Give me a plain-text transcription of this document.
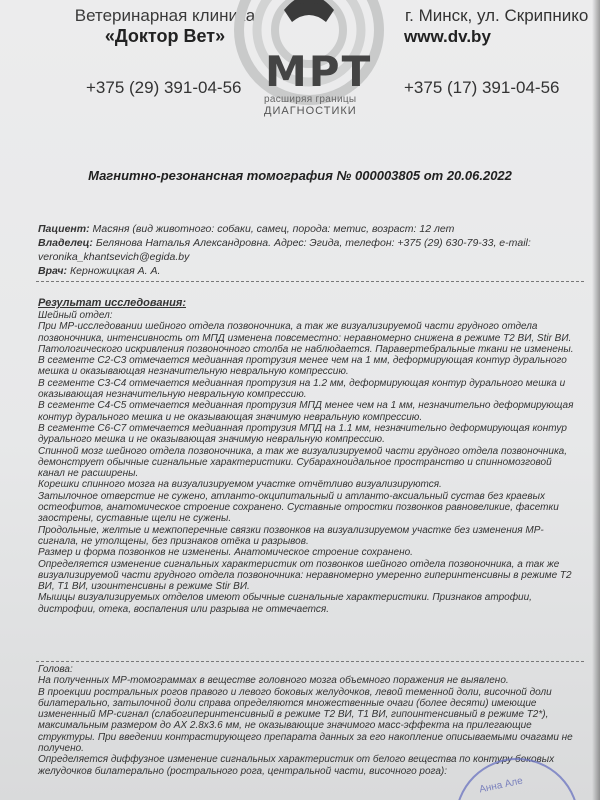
Ветеринарная клиника
«Доктор Вет»
МРТ
расширяя границы
ДИАГНОСТИКИ
г. Минск, ул. Скрипнико
www.dv.by
+375 (29) 391-04-56	+375 (17) 391-04-56
Магнитно-резонансная томография № 000003805 от 20.06.2022

Пациент: Масяня (вид животного: собаки, самец, порода: метис, возраст: 12 лет

Владелец: Белянова Наталья Александровна. Адрес: Эгида, телефон: +375 (29) 630-79-33, e-mail:

veronika_khantsevich@egida.by

Врач: Керножицкая А. А.

Результат исследования:

Шейный отдел:

При МР-исследовании шейного отдела позвоночника, а так же визуализируемой части грудного отдела позвоночника, интенсивность от МПД изменена повсеместно: неравномерно снижена в режиме Т2 ВИ, Stir ВИ.

Патологического искривления позвоночного столба не наблюдается. Паравертебральные ткани не изменены.

В сегменте С2-С3 отмечается медианная протрузия менее чем на 1 мм, деформирующая контур дурального мешка и оказывающая незначительную невральную компрессию.

В сегменте С3-С4 отмечается медианная протрузия на 1.2 мм, деформирующая контур дурального мешка и оказывающая незначительную невральную компрессию.

В сегменте С4-С5 отмечается медианная протрузия МПД менее чем на 1 мм, незначительно деформирующая контур дурального мешка и не оказывающая значимую невральную компрессию.

В сегменте С6-С7 отмечается медианная протрузия МПД на 1.1 мм, незначительно деформирующая контур дурального мешка и не оказывающая значимую невральную компрессию.

Спинной мозг шейного отдела позвоночника, а так же визуализируемой части грудного отдела позвоночника, демонструет обычные сигнальные характеристики. Субарахноидальное пространство и спинномозговой канал не расширены.

Корешки спинного мозга на визуализируемом участке отчётливо визуализируются.

Затылочное отверстие не сужено, атланто-окципитальный и атланто-аксиальный сустав без краевых остеофитов, анатомическое строение сохранено. Суставные отростки позвонков равновеликие, фасетки заострены, суставные щели не сужены.

Продольные, желтые и межпоперечные связки позвонков на визуализируемом участке без изменения МР-сигнала, не утолщены, без признаков отёка и разрывов.

Размер и форма позвонков не изменены. Анатомическое строение сохранено.

Определяется изменение сигнальных характеристик от позвонков шейного отдела позвоночника, а так же визуализируемой части грудного отдела позвоночника: неравномерно умеренно гиперинтенсивны в режиме Т2 ВИ, Т1 ВИ, изоинтенсивны в режиме Stir ВИ.

Мышцы визуализируемых отделов имеют обычные сигнальные характеристики. Признаков атрофии, дистрофии, отека, воспаления или разрыва не отмечается.

Голова:

На полученных МР-томограммах в веществе головного мозга объемного поражения не выявлено.

В проекции ростральных рогов правого и левого боковых желудочков, левой теменной доли, височной доли билатерально, затылочной доли справа определяются множественные очаги (более десяти) имеющие измененный МР-сигнал (слабогиперинтенсивный в режиме Т2 ВИ, Т1 ВИ, гипоинтенсивный в режиме Т2*), максимальным размером до АХ 2.8х3.6 мм, не оказывающие значимого масс-эффекта на прилегающие структуры. При введении контрастирующего препарата данных за его накопление описываемыми очагами не получено.

Определяется диффузное изменение сигнальных характеристик от белого вещества по контуру боковых желудочков билатерально (рострального рога, центральной части, височного рога):

Анна Але
